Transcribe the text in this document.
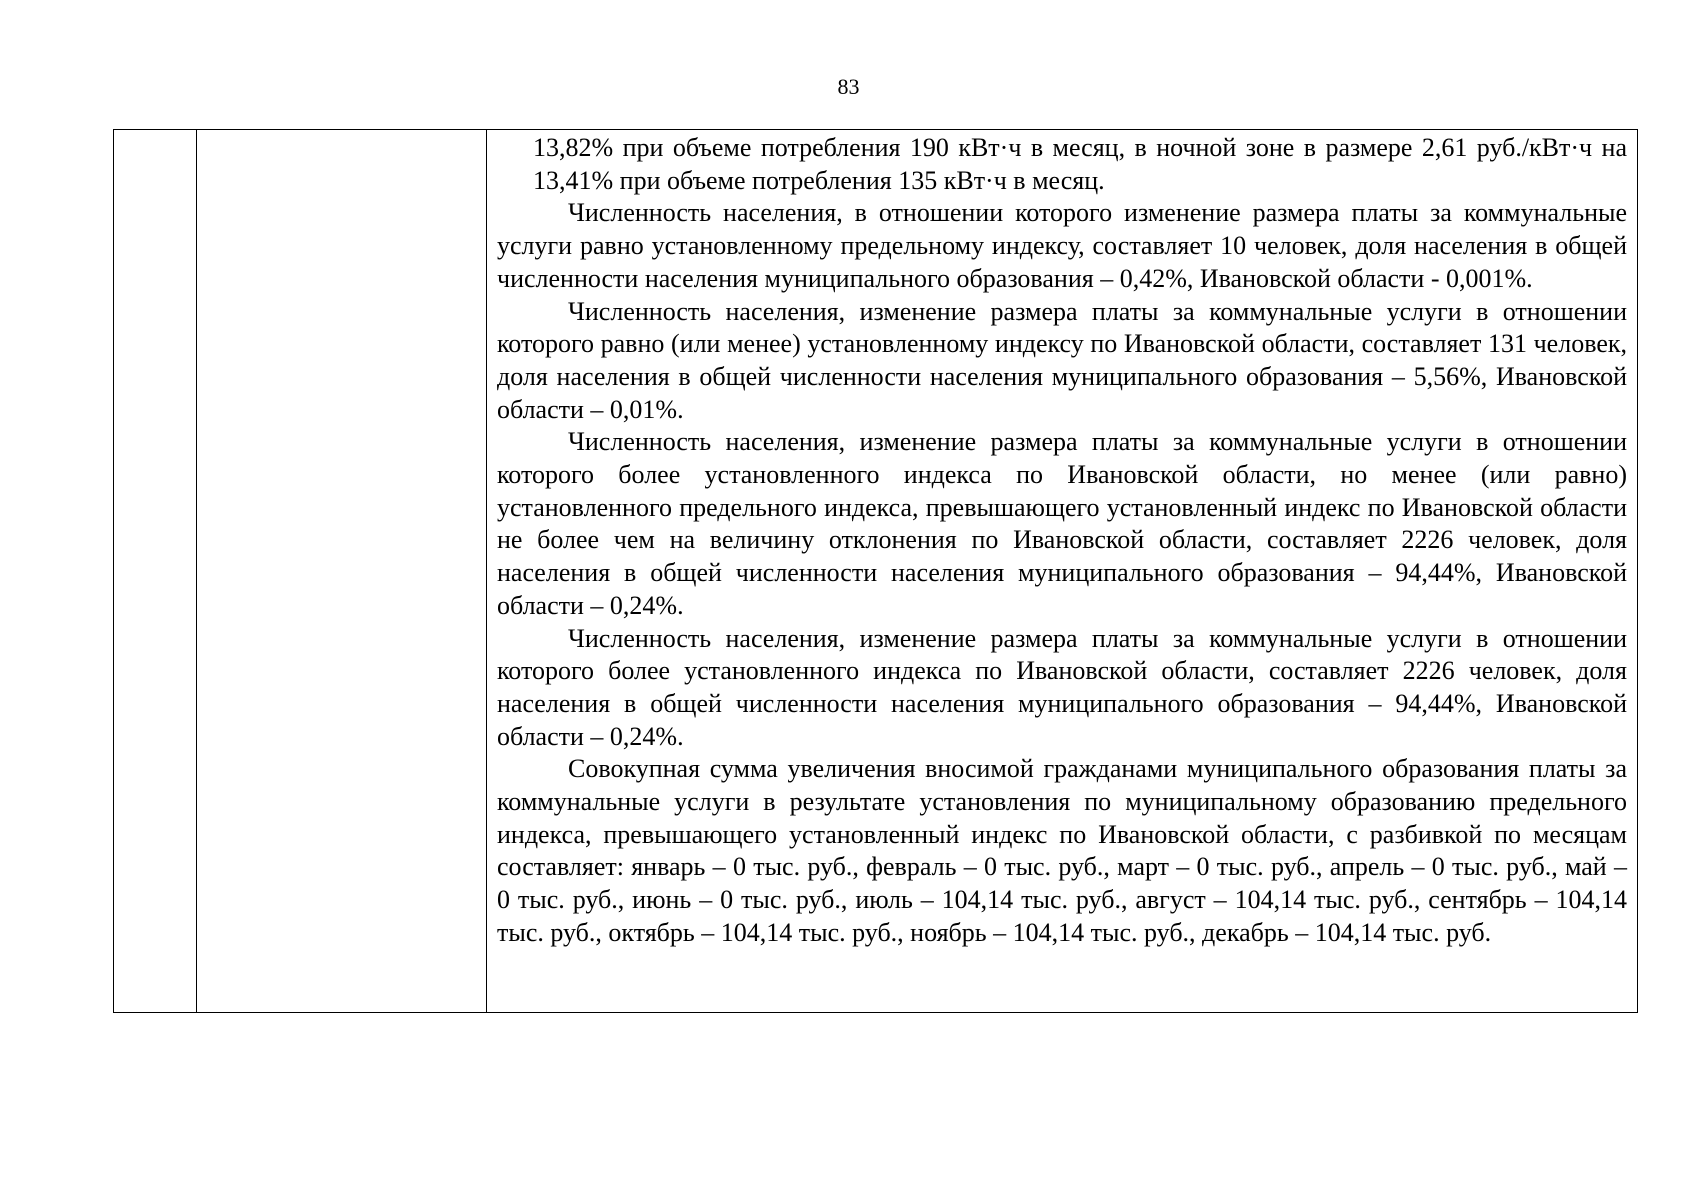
83

13,82% при объеме потребления 190 кВт·ч в месяц, в ночной зоне в размере 2,61 руб./кВт·ч на 13,41% при объеме потребления 135 кВт·ч в месяц.

Численность населения, в отношении которого изменение размера платы за коммунальные услуги равно установленному предельному индексу, составляет 10 человек, доля населения в общей численности населения муниципального образования – 0,42%, Ивановской области - 0,001%.

Численность населения, изменение размера платы за коммунальные услуги в отношении которого равно (или менее) установленному индексу по Ивановской области, составляет 131 человек, доля населения в общей численности населения муниципального образования – 5,56%, Ивановской области – 0,01%.

Численность населения, изменение размера платы за коммунальные услуги в отношении которого более установленного индекса по Ивановской области, но менее (или равно) установленного предельного индекса, превышающего установленный индекс по Ивановской области не более чем на величину отклонения по Ивановской области, составляет 2226 человек, доля населения в общей численности населения муниципального образования – 94,44%, Ивановской области – 0,24%.

Численность населения, изменение размера платы за коммунальные услуги в отношении которого более установленного индекса по Ивановской области, составляет 2226 человек, доля населения в общей численности населения муниципального образования – 94,44%, Ивановской области – 0,24%.

Совокупная сумма увеличения вносимой гражданами муниципального образования платы за коммунальные услуги в результате установления по муниципальному образованию предельного индекса, превышающего установленный индекс по Ивановской области, с разбивкой по месяцам составляет: январь – 0 тыс. руб., февраль – 0 тыс. руб., март – 0 тыс. руб., апрель – 0 тыс. руб., май – 0 тыс. руб., июнь – 0 тыс. руб., июль – 104,14 тыс. руб., август – 104,14 тыс. руб., сентябрь – 104,14 тыс. руб., октябрь – 104,14 тыс. руб., ноябрь – 104,14 тыс. руб., декабрь – 104,14 тыс. руб.
